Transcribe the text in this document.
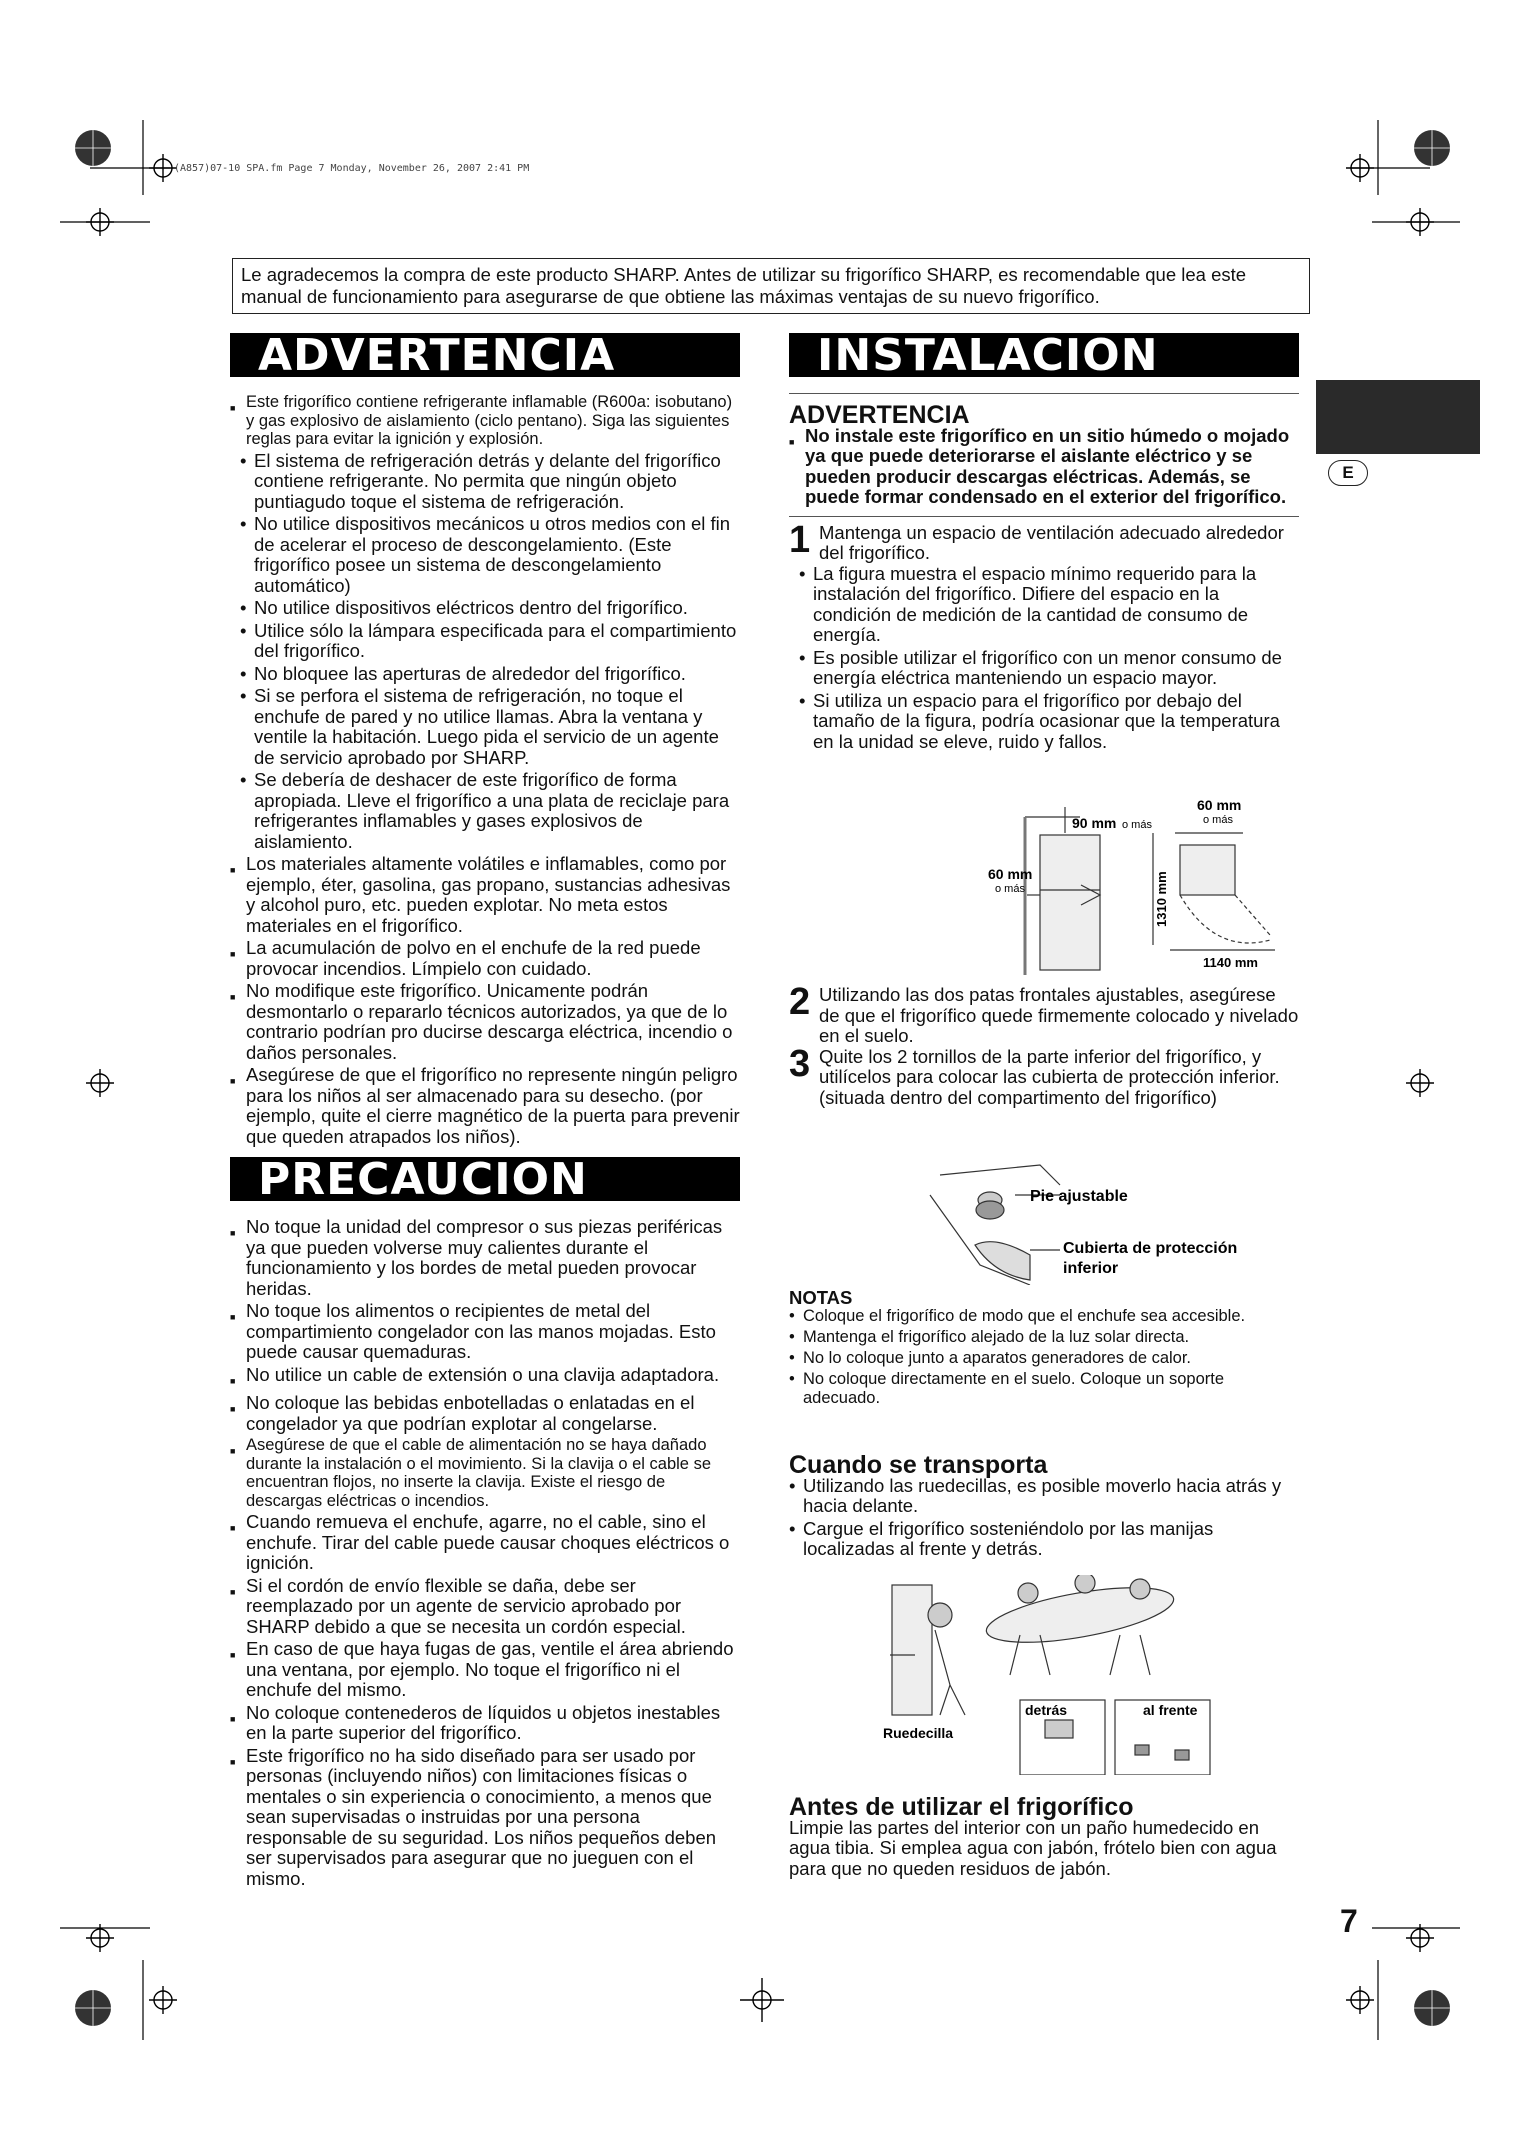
(A857)07-10 SPA.fm Page 7 Monday, November 26, 2007 2:41 PM
Le agradecemos la compra de este producto SHARP. Antes de utilizar su frigorífico SHARP, es recomendable que lea este manual de funcionamiento para asegurarse de que obtiene las máximas ventajas de su nuevo frigorífico.
E
ADVERTENCIA
■ Este frigorífico contiene refrigerante inflamable (R600a: isobutano) y gas explosivo de aislamiento (ciclo pentano). Siga las siguientes reglas para evitar la ignición y explosión.
• El sistema de refrigeración detrás y delante del frigorífico contiene refrigerante. No permita que ningún objeto puntiagudo toque el sistema de refrigeración.
• No utilice dispositivos mecánicos u otros medios con el fin de acelerar el proceso de descongelamiento. (Este frigorífico posee un sistema de descongelamiento automático)
• No utilice dispositivos eléctricos dentro del frigorífico.
• Utilice sólo la lámpara especificada para el compartimiento del frigorífico.
• No bloquee las aperturas de alrededor del frigorífico.
• Si se perfora el sistema de refrigeración, no toque el enchufe de pared y no utilice llamas. Abra la ventana y ventile la habitación. Luego pida el servicio de un agente de servicio aprobado por SHARP.
• Se debería de deshacer de este frigorífico de forma apropiada. Lleve el frigorífico a una plata de reciclaje para refrigerantes inflamables y gases explosivos de aislamiento.
■ Los materiales altamente volátiles e inflamables, como por ejemplo, éter, gasolina, gas propano, sustancias adhesivas y alcohol puro, etc. pueden explotar. No meta estos materiales en el frigorífico.
■ La acumulación de polvo en el enchufe de la red puede provocar incendios. Límpielo con cuidado.
■ No modifique este frigorífico. Unicamente podrán desmontarlo o repararlo técnicos autorizados, ya que de lo contrario podrían pro ducirse descarga eléctrica, incendio o daños personales.
■ Asegúrese de que el frigorífico no represente ningún peligro para los niños al ser almacenado para su desecho. (por ejemplo, quite el cierre magnético de la puerta para prevenir que queden atrapados los niños).
PRECAUCION
■ No toque la unidad del compresor o sus piezas periféricas ya que pueden volverse muy calientes durante el funcionamiento y los bordes de metal pueden provocar heridas.
■ No toque los alimentos o recipientes de metal del compartimiento congelador con las manos mojadas. Esto puede causar quemaduras.
■ No utilice un cable de extensión o una clavija adaptadora.
■ No coloque las bebidas enbotelladas o enlatadas en el congelador ya que podrían explotar al congelarse.
■ Asegúrese de que el cable de alimentación no se haya dañado durante la instalación o el movimiento. Si la clavija o el cable se encuentran flojos, no inserte la clavija. Existe el riesgo de descargas eléctricas o incendios.
■ Cuando remueva el enchufe, agarre, no el cable, sino el enchufe. Tirar del cable puede causar choques eléctricos o ignición.
■ Si el cordón de envío flexible se daña, debe ser reemplazado por un agente de servicio aprobado por SHARP debido a que se necesita un cordón especial.
■ En caso de que haya fugas de gas, ventile el área abriendo una ventana, por ejemplo. No toque el frigorífico ni el enchufe del mismo.
■ No coloque contenederos de líquidos u objetos inestables en la parte superior del frigorífico.
■ Este frigorífico no ha sido diseñado para ser usado por personas (incluyendo niños) con limitaciones físicas o mentales o sin experiencia o conocimiento, a menos que sean supervisadas o instruidas por una persona responsable de su seguridad. Los niños pequeños deben ser supervisados para asegurar que no jueguen con el mismo.
INSTALACION
ADVERTENCIA
■ No instale este frigorífico en un sitio húmedo o mojado ya que puede deteriorarse el aislante eléctrico y se pueden producir descargas eléctricas. Además, se puede formar condensado en el exterior del frigorífico.
1 Mantenga un espacio de ventilación adecuado alrededor del frigorífico.
• La figura muestra el espacio mínimo requerido para la instalación del frigorífico. Difiere del espacio en la condición de medición de la cantidad de consumo de energía.
• Es posible utilizar el frigorífico con un menor consumo de energía eléctrica manteniendo un espacio mayor.
• Si utiliza un espacio para el frigorífico por debajo del tamaño de la figura, podría ocasionar que la temperatura en la unidad se eleve, ruido y fallos.
90 mm o más
60 mm
o más
60 mm
o más
1310 mm
1140 mm
2 Utilizando las dos patas frontales ajustables, asegúrese de que el frigorífico quede firmemente colocado y nivelado en el suelo.
3 Quite los 2 tornillos de la parte inferior del frigorífico, y utilícelos para colocar las cubierta de protección inferior. (situada dentro del compartimento del frigorífico)
Pie ajustable
Cubierta de protección
inferior
NOTAS
• Coloque el frigorífico de modo que el enchufe sea accesible.
• Mantenga el frigorífico alejado de la luz solar directa.
• No lo coloque junto a aparatos generadores de calor.
• No coloque directamente en el suelo. Coloque un soporte adecuado.
Cuando se transporta
• Utilizando las ruedecillas, es posible moverlo hacia atrás y hacia delante.
• Cargue el frigorífico sosteniéndolo por las manijas localizadas al frente y detrás.
Ruedecilla
detrás	al frente
Antes de utilizar el frigorífico
Limpie las partes del interior con un paño humedecido en agua tibia. Si emplea agua con jabón, frótelo bien con agua para que no queden residuos de jabón.
7
